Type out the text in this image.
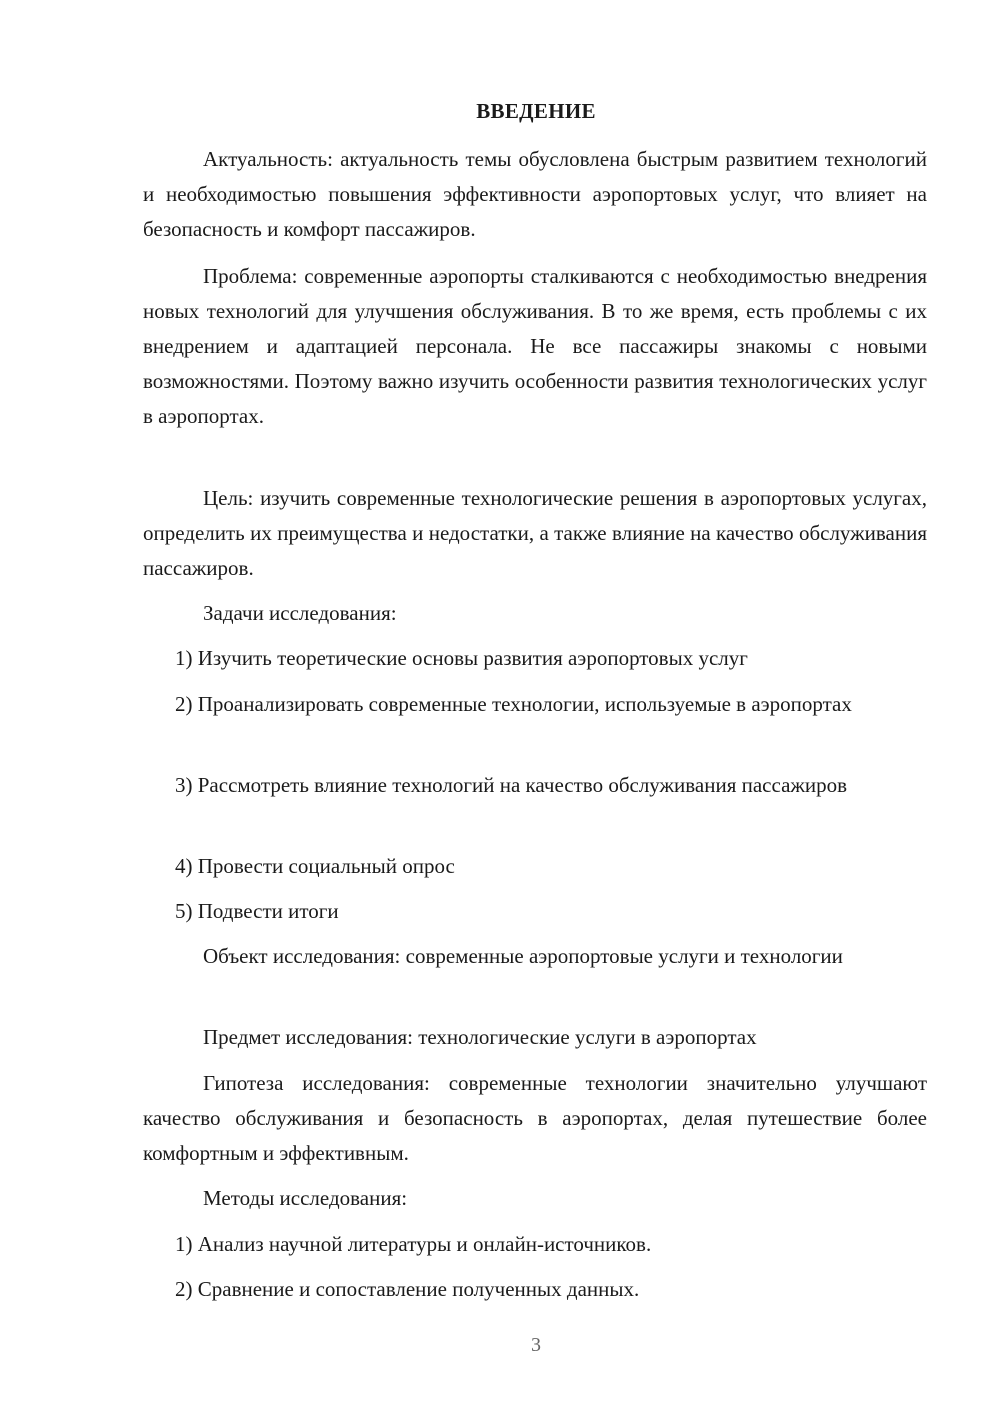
ВВЕДЕНИЕ

Актуальность: актуальность темы обусловлена быстрым развитием технологий и необходимостью повышения эффективности аэропортовых услуг, что влияет на безопасность и комфорт пассажиров.

Проблема: современные аэропорты сталкиваются с необходимостью внедрения новых технологий для улучшения обслуживания. В то же время, есть проблемы с их внедрением и адаптацией персонала. Не все пассажиры знакомы с новыми возможностями. Поэтому важно изучить особенности развития технологических услуг в аэропортах.

Цель: изучить современные технологические решения в аэропортовых услугах, определить их преимущества и недостатки, а также влияние на качество обслуживания пассажиров.

Задачи исследования:

1) Изучить теоретические основы развития аэропортовых услуг

2) Проанализировать современные технологии, используемые в аэропортах

3) Рассмотреть влияние технологий на качество обслуживания пассажиров

4) Провести социальный опрос

5) Подвести итоги

Объект исследования: современные аэропортовые услуги и технологии

Предмет исследования: технологические услуги в аэропортах

Гипотеза исследования: современные технологии значительно улучшают качество обслуживания и безопасность в аэропортах, делая путешествие более комфортным и эффективным.

Методы исследования:

1) Анализ научной литературы и онлайн-источников.

2) Сравнение и сопоставление полученных данных.

3
